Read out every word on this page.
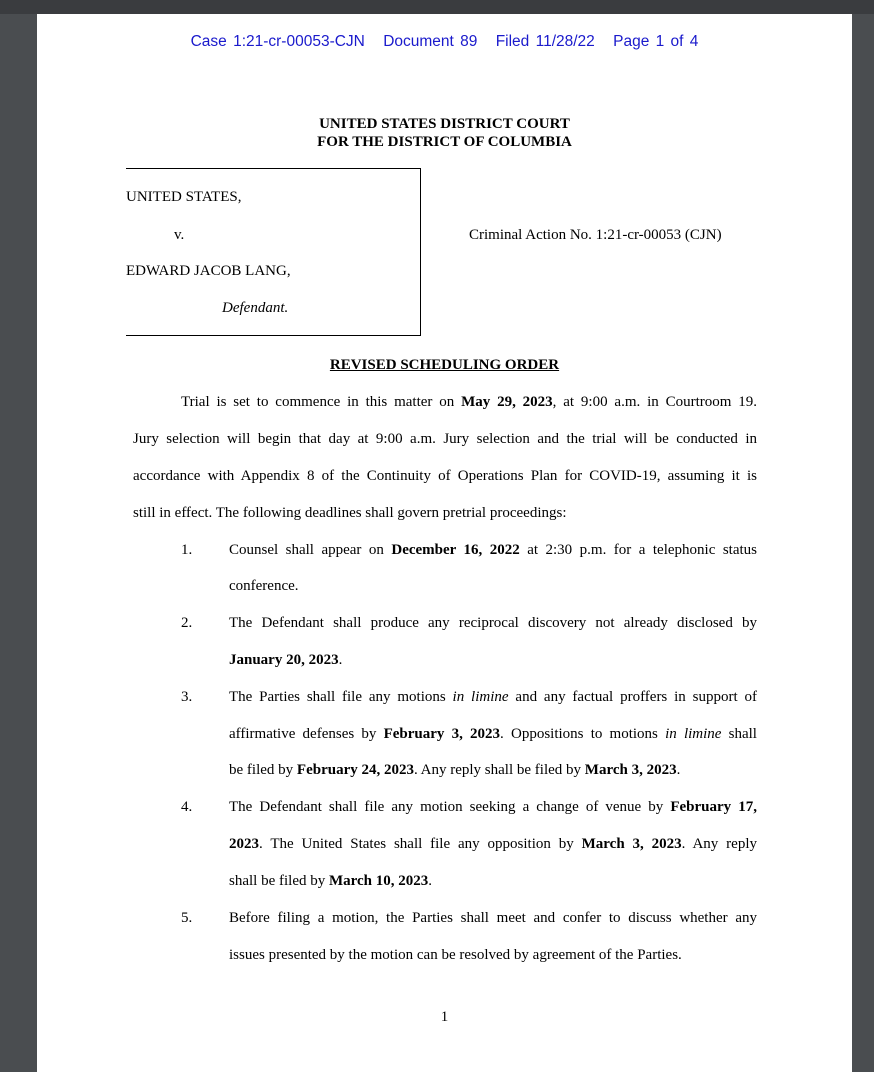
Case 1:21-cr-00053-CJN Document 89 Filed 11/28/22 Page 1 of 4
UNITED STATES DISTRICT COURT
FOR THE DISTRICT OF COLUMBIA
UNITED STATES,
v.
EDWARD JACOB LANG,
Defendant.
Criminal Action No. 1:21-cr-00053 (CJN)
REVISED SCHEDULING ORDER
Trial is set to commence in this matter on May 29, 2023, at 9:00 a.m. in Courtroom 19.
Jury selection will begin that day at 9:00 a.m. Jury selection and the trial will be conducted in
accordance with Appendix 8 of the Continuity of Operations Plan for COVID-19, assuming it is
still in effect. The following deadlines shall govern pretrial proceedings:
1. Counsel shall appear on December 16, 2022 at 2:30 p.m. for a telephonic status
conference.
2. The Defendant shall produce any reciprocal discovery not already disclosed by
January 20, 2023.
3. The Parties shall file any motions in limine and any factual proffers in support of
affirmative defenses by February 3, 2023. Oppositions to motions in limine shall
be filed by February 24, 2023. Any reply shall be filed by March 3, 2023.
4. The Defendant shall file any motion seeking a change of venue by February 17,
2023. The United States shall file any opposition by March 3, 2023. Any reply
shall be filed by March 10, 2023.
5. Before filing a motion, the Parties shall meet and confer to discuss whether any
issues presented by the motion can be resolved by agreement of the Parties.
1
